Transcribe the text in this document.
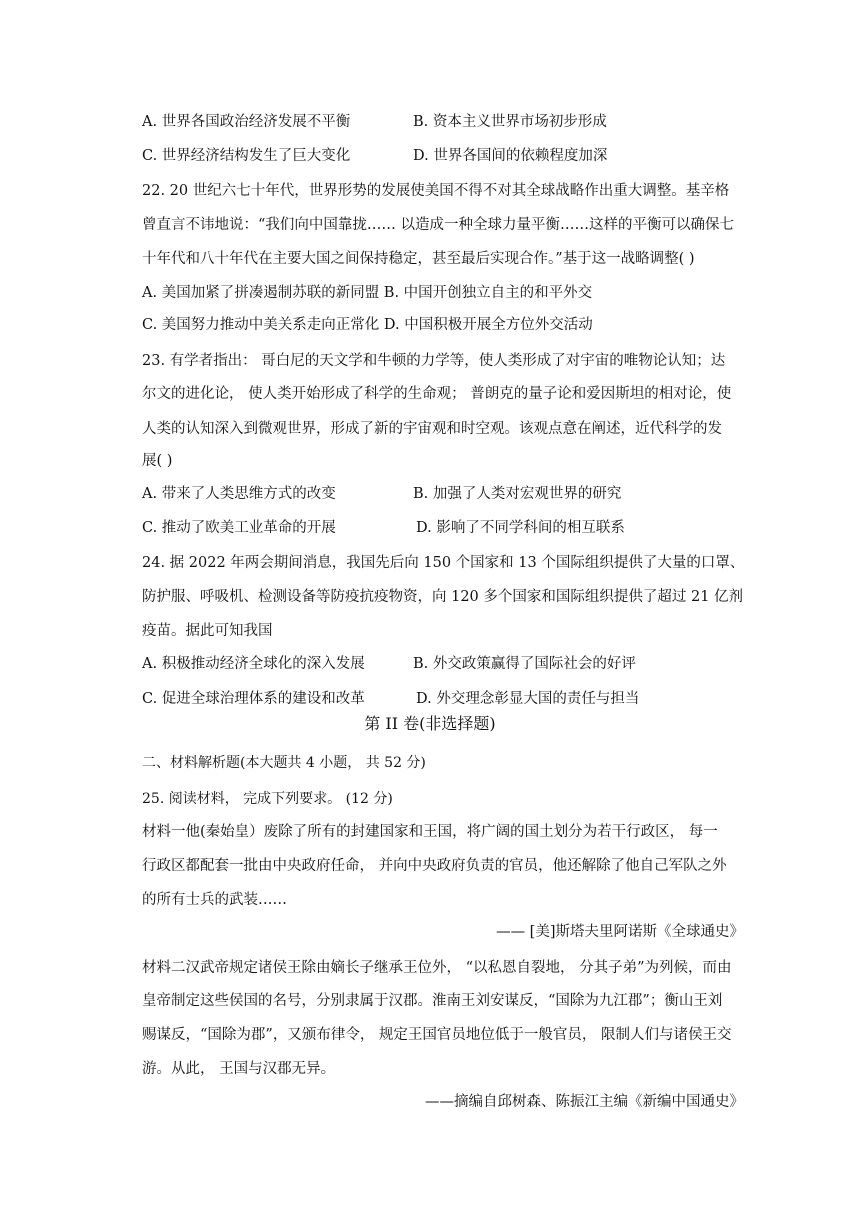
A. 世界各国政治经济发展不平衡	B. 资本主义世界市场初步形成
C. 世界经济结构发生了巨大变化	D. 世界各国间的依赖程度加深
22. 20 世纪六七十年代，世界形势的发展使美国不得不对其全球战略作出重大调整。基辛格
曾直言不讳地说：“我们向中国靠拢…… 以造成一种全球力量平衡……这样的平衡可以确保七
十年代和八十年代在主要大国之间保持稳定，甚至最后实现合作。”基于这一战略调整( )
A. 美国加紧了拼凑遏制苏联的新同盟 B. 中国开创独立自主的和平外交
C. 美国努力推动中美关系走向正常化 D. 中国积极开展全方位外交活动
23. 有学者指出： 哥白尼的天文学和牛顿的力学等，使人类形成了对宇宙的唯物论认知；达
尔文的进化论， 使人类开始形成了科学的生命观； 普朗克的量子论和爱因斯坦的相对论，使
人类的认知深入到微观世界，形成了新的宇宙观和时空观。该观点意在阐述，近代科学的发
展( )
A. 带来了人类思维方式的改变	B. 加强了人类对宏观世界的研究
C. 推动了欧美工业革命的开展	D. 影响了不同学科间的相互联系
24. 据 2022 年两会期间消息，我国先后向 150 个国家和 13 个国际组织提供了大量的口罩、
防护服、呼吸机、检测设备等防疫抗疫物资，向 120 多个国家和国际组织提供了超过 21 亿剂
疫苗。据此可知我国
A. 积极推动经济全球化的深入发展	B. 外交政策赢得了国际社会的好评
C. 促进全球治理体系的建设和改革	D. 外交理念彰显大国的责任与担当
第 II 卷(非选择题)
二、材料解析题(本大题共 4 小题， 共 52 分)
25. 阅读材料， 完成下列要求。 (12 分)
材料一他(秦始皇）废除了所有的封建国家和王国，将广阔的国土划分为若干行政区， 每一
行政区都配套一批由中央政府任命， 并向中央政府负责的官员，他还解除了他自己军队之外
的所有士兵的武装……
—— [美]斯塔夫里阿诺斯《全球通史》
材料二汉武帝规定诸侯王除由嫡长子继承王位外， “以私恩自裂地， 分其子弟”为列候，而由
皇帝制定这些侯国的名号，分别隶属于汉郡。淮南王刘安谋反，“国除为九江郡”；衡山王刘
赐谋反，“国除为郡”，又颁布律令， 规定王国官员地位低于一般官员， 限制人们与诸侯王交
游。从此， 王国与汉郡无异。
——摘编自邱树森、陈振江主编《新编中国通史》
